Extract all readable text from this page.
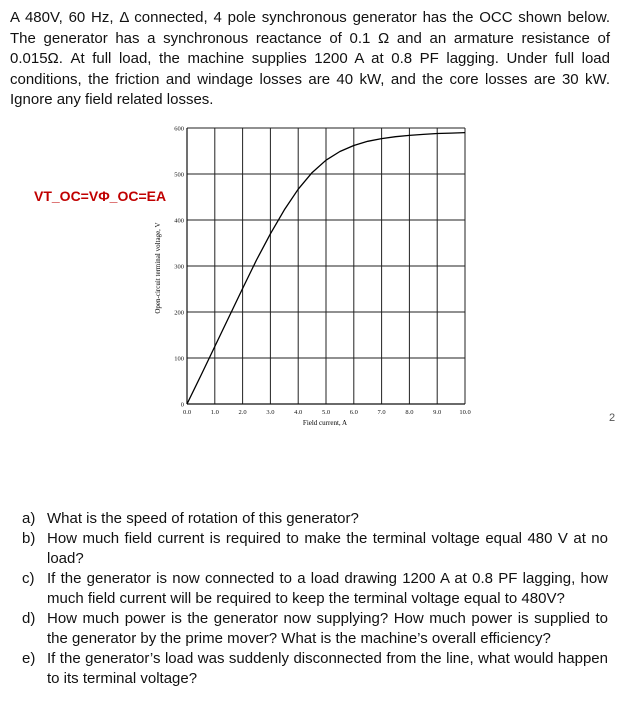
A 480V, 60 Hz, Δ connected, 4 pole synchronous generator has the OCC shown below. The generator has a synchronous reactance of 0.1 Ω and an armature resistance of 0.015Ω. At full load, the machine supplies 1200 A at 0.8 PF lagging. Under full load conditions, the friction and windage losses are 40 kW, and the core losses are 30 kW. Ignore any field related losses.

VT_OC=VΦ_OC=EA

0.0	1.0	2.0	3.0	4.0	5.0	6.0	7.0	8.0	9.0	10.0
0
100
200
300
400
500
600
Field current, A
Open-circuit terminal voltage, V
2
a) What is the speed of rotation of this generator?
b) How much field current is required to make the terminal voltage equal 480 V at no load?
c) If the generator is now connected to a load drawing 1200 A at 0.8 PF lagging, how much field current will be required to keep the terminal voltage equal to 480V?
d) How much power is the generator now supplying? How much power is supplied to the generator by the prime mover? What is the machine’s overall efficiency?
e) If the generator’s load was suddenly disconnected from the line, what would happen to its terminal voltage?
